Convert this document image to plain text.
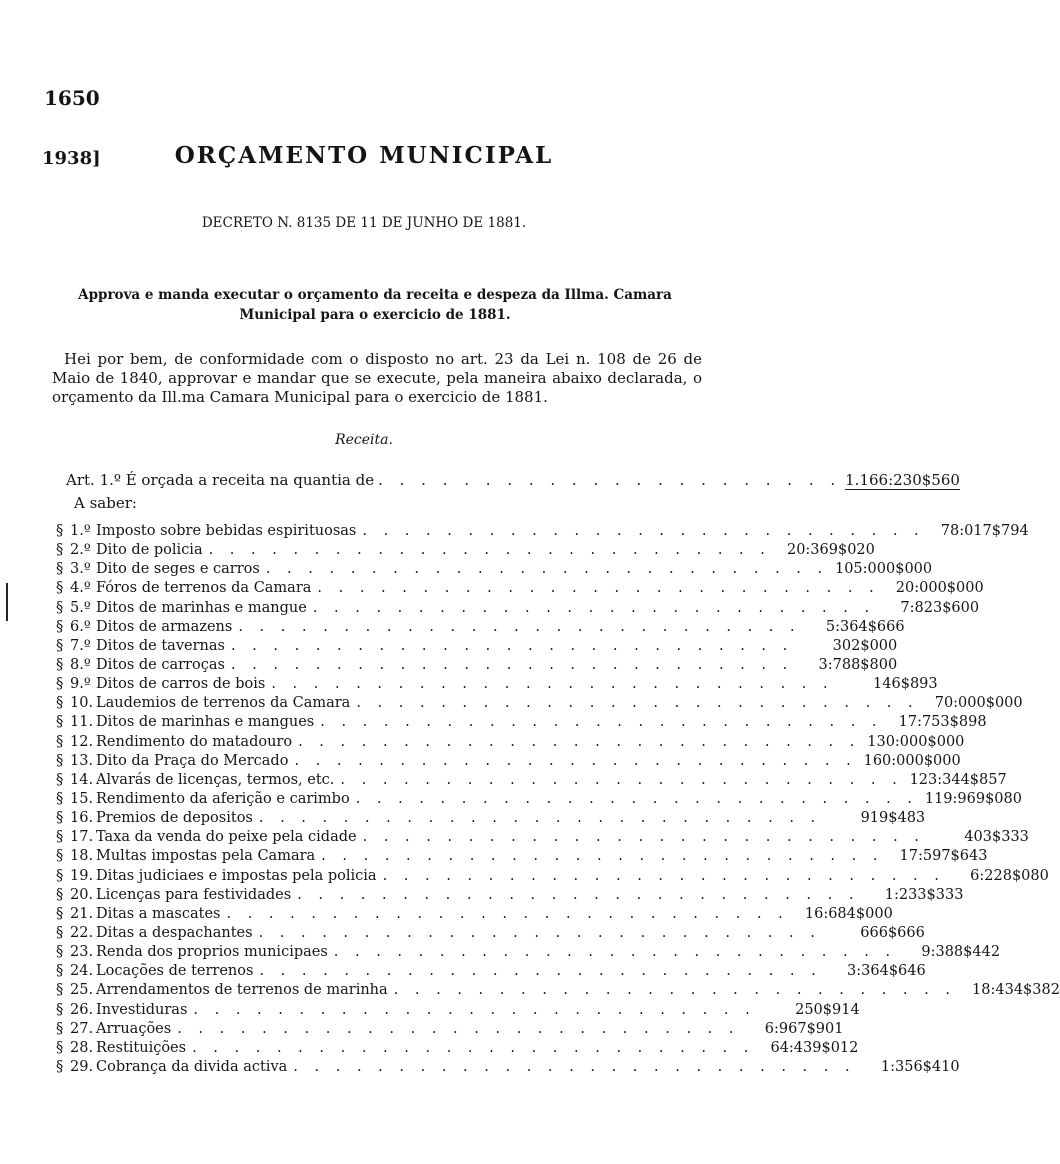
1650
1938]	ORÇAMENTO MUNICIPAL
DECRETO N. 8135 DE 11 DE JUNHO DE 1881.
Approva e manda executar o orçamento da receita e despeza da Illma. Camara Municipal para o exercicio de 1881.
Hei por bem, de conformidade com o disposto no art. 23 da Lei n. 108 de 26 de Maio de 1840, approvar e mandar que se execute, pela maneira abaixo declarada, o orçamento da Ill.ma Camara Municipal para o exercicio de 1881.
Receita.
Art. 1.º É orçada a receita na quantia de . . . . . . . . . . . . . . . . . . . . . . 1.166:230$560
A saber:
§ 1.º Imposto sobre bebidas espirituosas . . . . . . . . . . . . . . . . . . . . . . . . . . .	78:017$794
§ 2.º Dito de policia . . . . . . . . . . . . . . . . . . . . . . . . . . .	20:369$020
§ 3.º Dito de seges e carros . . . . . . . . . . . . . . . . . . . . . . . . . . . 105:000$000
§ 4.º Fóros de terrenos da Camara . . . . . . . . . . . . . . . . . . . . . . . . . . .	20:000$000
§ 5.º Ditos de marinhas e mangue . . . . . . . . . . . . . . . . . . . . . . . . . . .	7:823$600
§ 6.º Ditos de armazens . . . . . . . . . . . . . . . . . . . . . . . . . . .	5:364$666
§ 7.º Ditos de tavernas . . . . . . . . . . . . . . . . . . . . . . . . . . .	302$000
§ 8.º Ditos de carroças . . . . . . . . . . . . . . . . . . . . . . . . . . .	3:788$800
§ 9.º Ditos de carros de bois . . . . . . . . . . . . . . . . . . . . . . . . . . .	146$893
§ 10. Laudemios de terrenos da Camara . . . . . . . . . . . . . . . . . . . . . . . . . . .	70:000$000
§ 11. Ditos de marinhas e mangues . . . . . . . . . . . . . . . . . . . . . . . . . . .	17:753$898
§ 12. Rendimento do matadouro . . . . . . . . . . . . . . . . . . . . . . . . . . . 130:000$000
§ 13. Dito da Praça do Mercado . . . . . . . . . . . . . . . . . . . . . . . . . . . 160:000$000
§ 14. Alvarás de licenças, termos, etc. . . . . . . . . . . . . . . . . . . . . . . . . . . . 123:344$857
§ 15. Rendimento da aferição e carimbo . . . . . . . . . . . . . . . . . . . . . . . . . . . 119:969$080
§ 16. Premios de depositos . . . . . . . . . . . . . . . . . . . . . . . . . . .	919$483
§ 17. Taxa da venda do peixe pela cidade . . . . . . . . . . . . . . . . . . . . . . . . . . .	403$333
§ 18. Multas impostas pela Camara . . . . . . . . . . . . . . . . . . . . . . . . . . .	17:597$643
§ 19. Ditas judiciaes e impostas pela policia . . . . . . . . . . . . . . . . . . . . . . . . . . .	6:228$080
§ 20. Licenças para festividades . . . . . . . . . . . . . . . . . . . . . . . . . . .	1:233$333
§ 21. Ditas a mascates . . . . . . . . . . . . . . . . . . . . . . . . . . .	16:684$000
§ 22. Ditas a despachantes . . . . . . . . . . . . . . . . . . . . . . . . . . .	666$666
§ 23. Renda dos proprios municipaes . . . . . . . . . . . . . . . . . . . . . . . . . . .	9:388$442
§ 24. Locações de terrenos . . . . . . . . . . . . . . . . . . . . . . . . . . .	3:364$646
§ 25. Arrendamentos de terrenos de marinha . . . . . . . . . . . . . . . . . . . . . . . . . . .	18:434$382
§ 26. Investiduras . . . . . . . . . . . . . . . . . . . . . . . . . . .	250$914
§ 27. Arruações . . . . . . . . . . . . . . . . . . . . . . . . . . .	6:967$901
§ 28. Restituições . . . . . . . . . . . . . . . . . . . . . . . . . . .	64:439$012
§ 29. Cobrança da divida activa . . . . . . . . . . . . . . . . . . . . . . . . . . .	1:356$410
